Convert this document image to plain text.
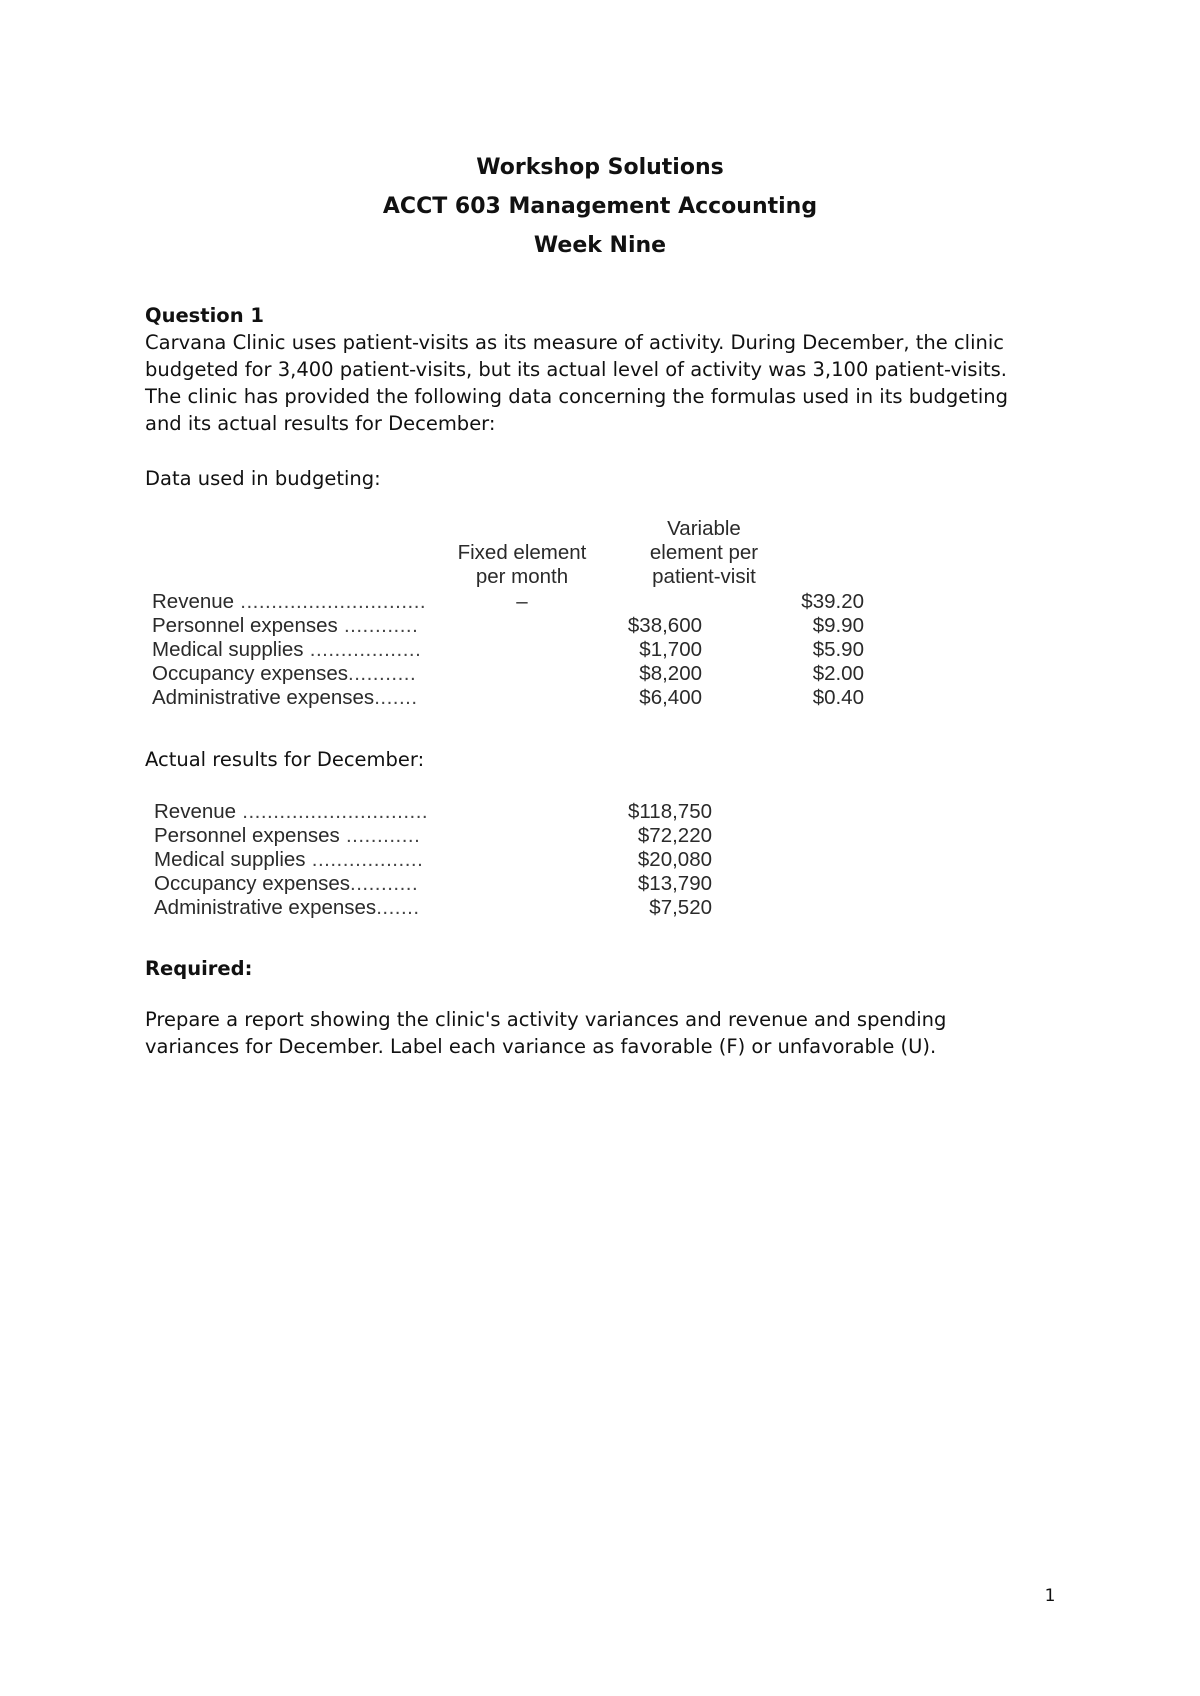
Workshop Solutions
ACCT 603 Management Accounting
Week Nine
Question 1
Carvana Clinic uses patient-visits as its measure of activity. During December, the clinic
budgeted for 3,400 patient-visits, but its actual level of activity was 3,100 patient-visits.
The clinic has provided the following data concerning the formulas used in its budgeting
and its actual results for December:
Data used in budgeting:
Fixed element
per month
Variable
element per
patient-visit
Revenue ..............................	–	$39.20
Personnel expenses ............	$38,600	$9.90
Medical supplies ..................	$1,700	$5.90
Occupancy expenses...........	$8,200	$2.00
Administrative expenses.......	$6,400	$0.40
Actual results for December:
Revenue ..............................	$118,750
Personnel expenses ............	$72,220
Medical supplies ..................	$20,080
Occupancy expenses...........	$13,790
Administrative expenses.......	$7,520
Required:
Prepare a report showing the clinic's activity variances and revenue and spending
variances for December. Label each variance as favorable (F) or unfavorable (U).
1
